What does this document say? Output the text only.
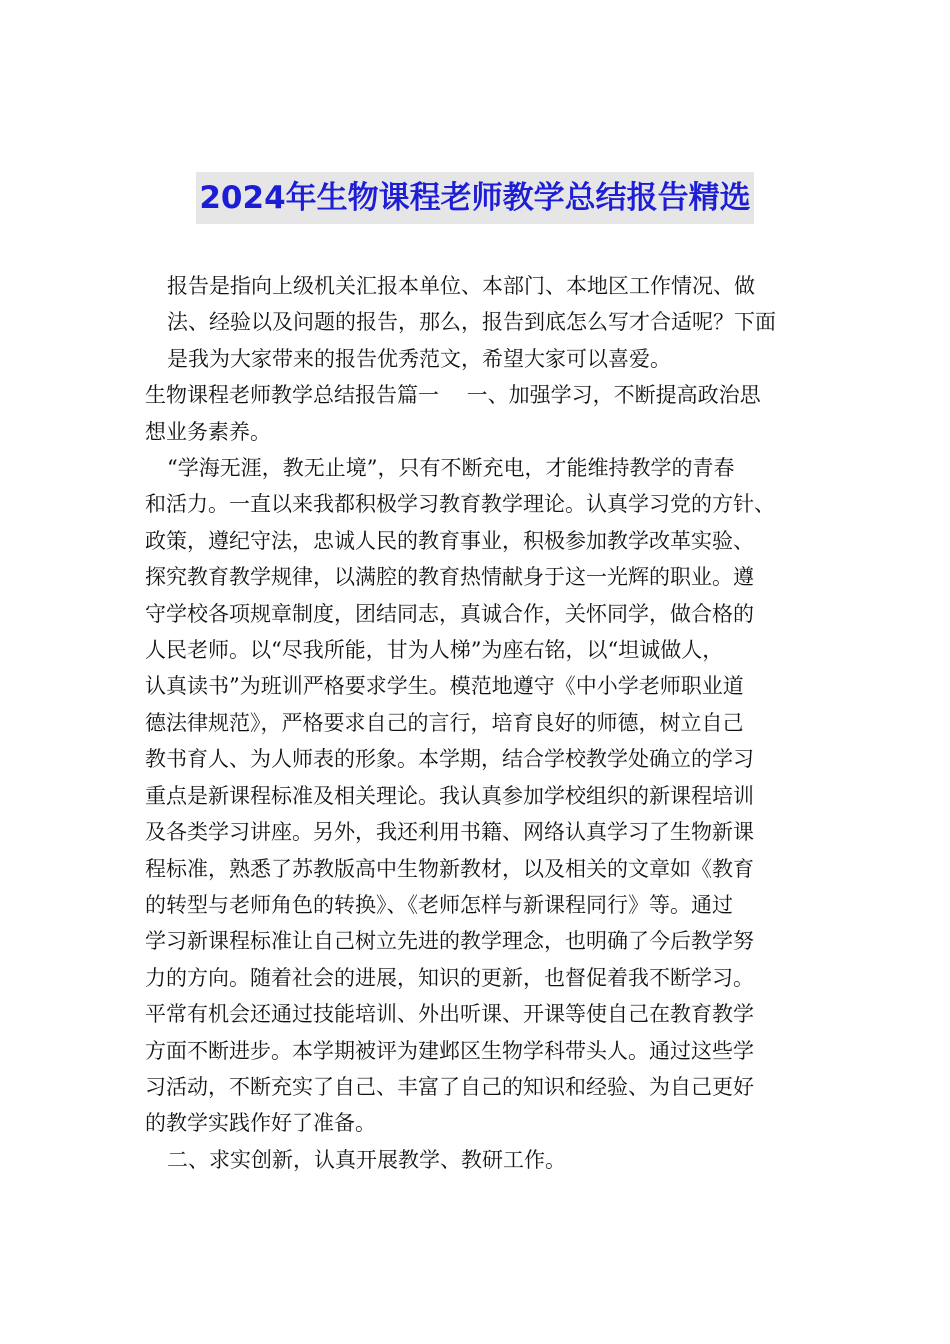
2024年生物课程老师教学总结报告精选

报告是指向上级机关汇报本单位、本部门、本地区工作情况、做
法、经验以及问题的报告，那么，报告到底怎么写才合适呢？下面
是我为大家带来的报告优秀范文，希望大家可以喜爱。

生物课程老师教学总结报告篇一　 一、加强学习，不断提高政治思
想业务素养。

“学海无涯，教无止境”，只有不断充电，才能维持教学的青春
和活力。一直以来我都积极学习教育教学理论。认真学习党的方针、
政策，遵纪守法，忠诚人民的教育事业，积极参加教学改革实验、
探究教育教学规律，以满腔的教育热情献身于这一光辉的职业。遵
守学校各项规章制度，团结同志，真诚合作，关怀同学，做合格的
人民老师。以“尽我所能，甘为人梯”为座右铭，以“坦诚做人，
认真读书”为班训严格要求学生。模范地遵守《中小学老师职业道
德法律规范》，严格要求自己的言行，培育良好的师德，树立自己
教书育人、为人师表的形象。本学期，结合学校教学处确立的学习
重点是新课程标准及相关理论。我认真参加学校组织的新课程培训
及各类学习讲座。另外，我还利用书籍、网络认真学习了生物新课
程标准，熟悉了苏教版高中生物新教材，以及相关的文章如《教育
的转型与老师角色的转换》、《老师怎样与新课程同行》等。通过
学习新课程标准让自己树立先进的教学理念，也明确了今后教学努
力的方向。随着社会的进展，知识的更新，也督促着我不断学习。
平常有机会还通过技能培训、外出听课、开课等使自己在教育教学
方面不断进步。本学期被评为建邺区生物学科带头人。通过这些学
习活动，不断充实了自己、丰富了自己的知识和经验、为自己更好
的教学实践作好了准备。

二、求实创新，认真开展教学、教研工作。
